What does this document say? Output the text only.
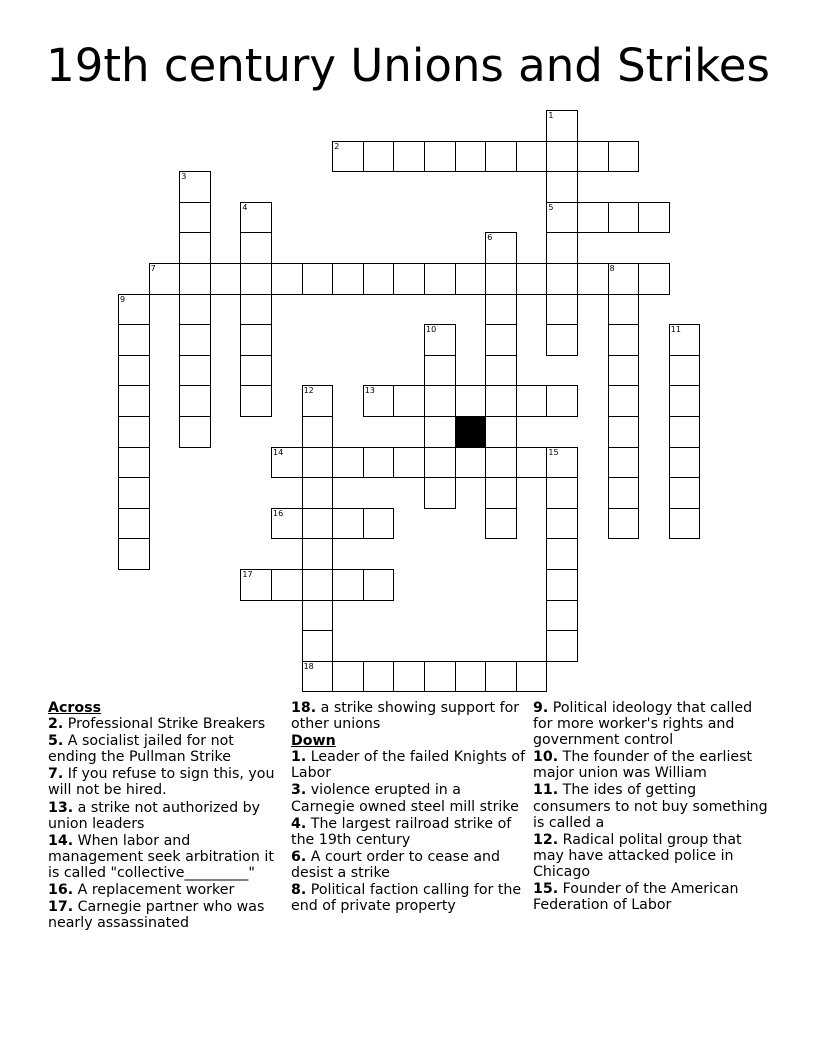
19th century Unions and Strikes
2
5
7	8
13
14	15
16
17
18
1
3
4
6
9
10	11
12
Across
2. Professional Strike Breakers
5. A socialist jailed for not ending the Pullman Strike
7. If you refuse to sign this, you will not be hired.
13. a strike not authorized by union leaders
14. When labor and management seek arbitration it is called "collective_________"
16. A replacement worker
17. Carnegie partner who was nearly assassinated
18. a strike showing support for other unions
Down
1. Leader of the failed Knights of Labor
3. violence erupted in a Carnegie owned steel mill strike
4. The largest railroad strike of the 19th century
6. A court order to cease and desist a strike
8. Political faction calling for the end of private property
9. Political ideology that called for more worker's rights and government control
10. The founder of the earliest major union was William
11. The ides of getting consumers to not buy something is called a
12. Radical polital group that may have attacked police in Chicago
15. Founder of the American Federation of Labor
